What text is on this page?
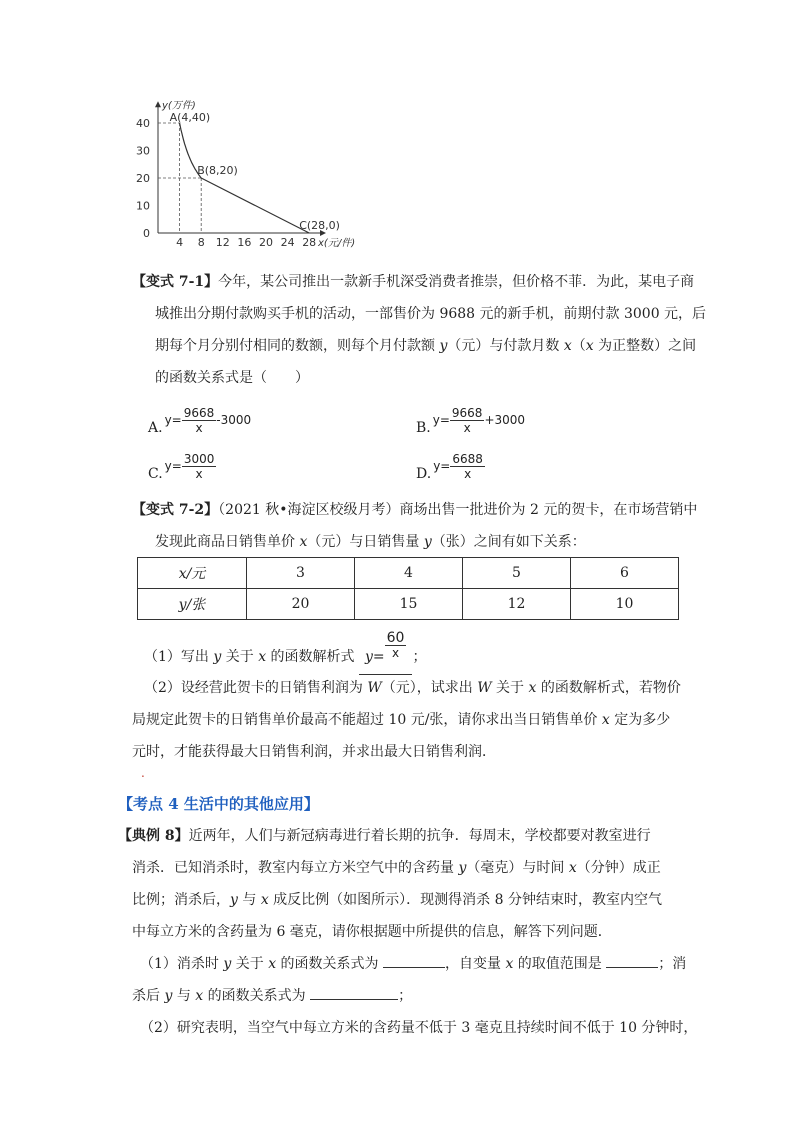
4 8 12 16 20 24 28
0
10
20
30
40
x(元/件)
y(万件)
A(4,40)
B(8,20)
C(28,0)
【变式 7-1】今年，某公司推出一款新手机深受消费者推崇，但价格不菲．为此，某电子商
城推出分期付款购买手机的活动，一部售价为 9688 元的新手机，前期付款 3000 元，后
期每个月分别付相同的数额，则每个月付款额 y（元）与付款月数 x（x 为正整数）之间
的函数关系式是（　　）
A. $y= \frac{9668}{x} -3000$	B. $y= \frac{9668}{x} +3000$
C. $y= \frac{3000}{x}$	D. $y= \frac{6688}{x}$
【变式 7-2】（2021 秋•海淀区校级月考）商场出售一批进价为 2 元的贺卡，在市场营销中
发现此商品日销售单价 x（元）与日销售量 y（张）之间有如下关系：
x/元	3	4	5	6
y/张	20	15	12	10
（1）写出 y 关于 x 的函数解析式 $y= \frac{60}{x}$ ；
（2）设经营此贺卡的日销售利润为 W（元），试求出 W 关于 x 的函数解析式，若物价
局规定此贺卡的日销售单价最高不能超过 10 元/张，请你求出当日销售单价 x 定为多少
元时，才能获得最大日销售利润，并求出最大日销售利润．
.
【考点 4 生活中的其他应用】
【典例 8】近两年，人们与新冠病毒进行着长期的抗争．每周末，学校都要对教室进行
消杀．已知消杀时，教室内每立方米空气中的含药量 y（毫克）与时间 x（分钟）成正
比例；消杀后，y 与 x 成反比例（如图所示）．现测得消杀 8 分钟结束时，教室内空气
中每立方米的含药量为 6 毫克，请你根据题中所提供的信息，解答下列问题．
（1）消杀时 y 关于 x 的函数关系式为	，自变量 x 的取值范围是	；消
杀后 y 与 x 的函数关系式为	；
（2）研究表明，当空气中每立方米的含药量不低于 3 毫克且持续时间不低于 10 分钟时，
